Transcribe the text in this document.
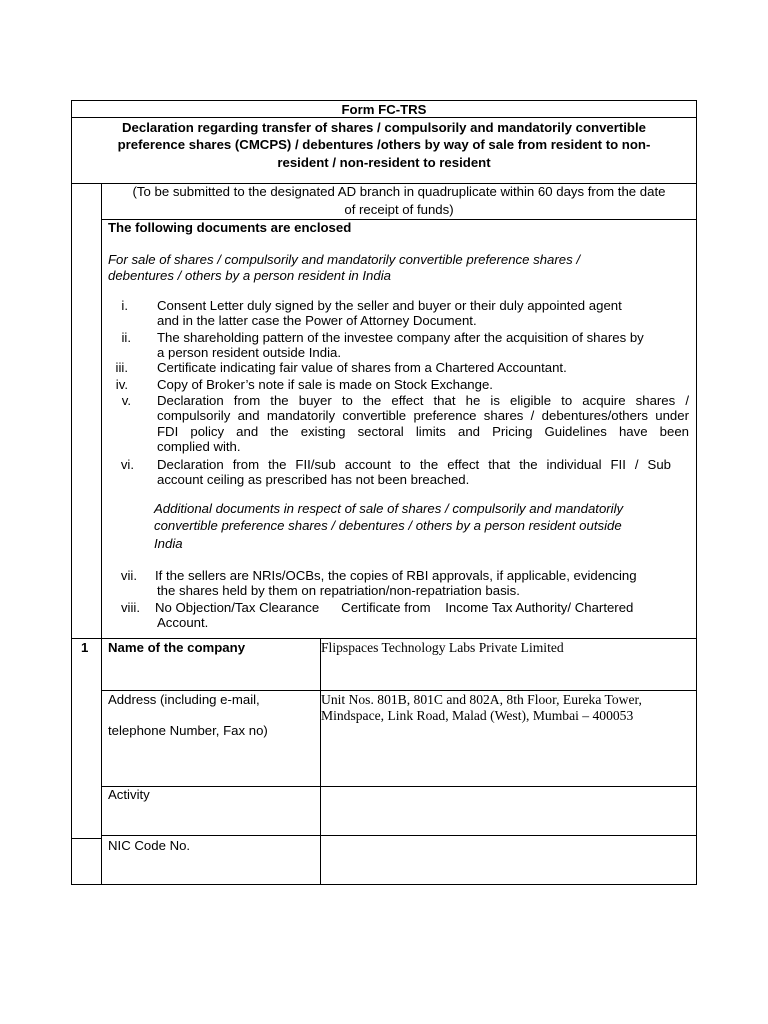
Form FC-TRS
Declaration regarding transfer of shares / compulsorily and mandatorily convertible
preference shares (CMCPS) / debentures /others by way of sale from resident to non-
resident / non-resident to resident
(To be submitted to the designated AD branch in quadruplicate within 60 days from the date
of receipt of funds)
The following documents are enclosed
For sale of shares / compulsorily and mandatorily convertible preference shares /
debentures / others by a person resident in India
i. Consent Letter duly signed by the seller and buyer or their duly appointed agent
and in the latter case the Power of Attorney Document.
ii. The shareholding pattern of the investee company after the acquisition of shares by
a person resident outside India.
iii. Certificate indicating fair value of shares from a Chartered Accountant.
iv. Copy of Broker’s note if sale is made on Stock Exchange.
v. Declaration from the buyer to the effect that he is eligible to acquire shares /
compulsorily and mandatorily convertible preference shares / debentures/others under
FDI policy and the existing sectoral limits and Pricing Guidelines have been
complied with.
vi. Declaration from the FII/sub account to the effect that the individual FII / Sub
account ceiling as prescribed has not been breached.
Additional documents in respect of sale of shares / compulsorily and mandatorily
convertible preference shares / debentures / others by a person resident outside
India
vii. If the sellers are NRIs/OCBs, the copies of RBI approvals, if applicable, evidencing
the shares held by them on repatriation/non-repatriation basis.
viii. No Objection/Tax Clearance      Certificate from    Income Tax Authority/ Chartered
Account.
1 Name of the company	Flipspaces Technology Labs Private Limited
Address (including e-mail,
telephone Number, Fax no)
Unit Nos. 801B, 801C and 802A, 8th Floor, Eureka Tower,
Mindspace, Link Road, Malad (West), Mumbai – 400053
Activity
NIC Code No.
